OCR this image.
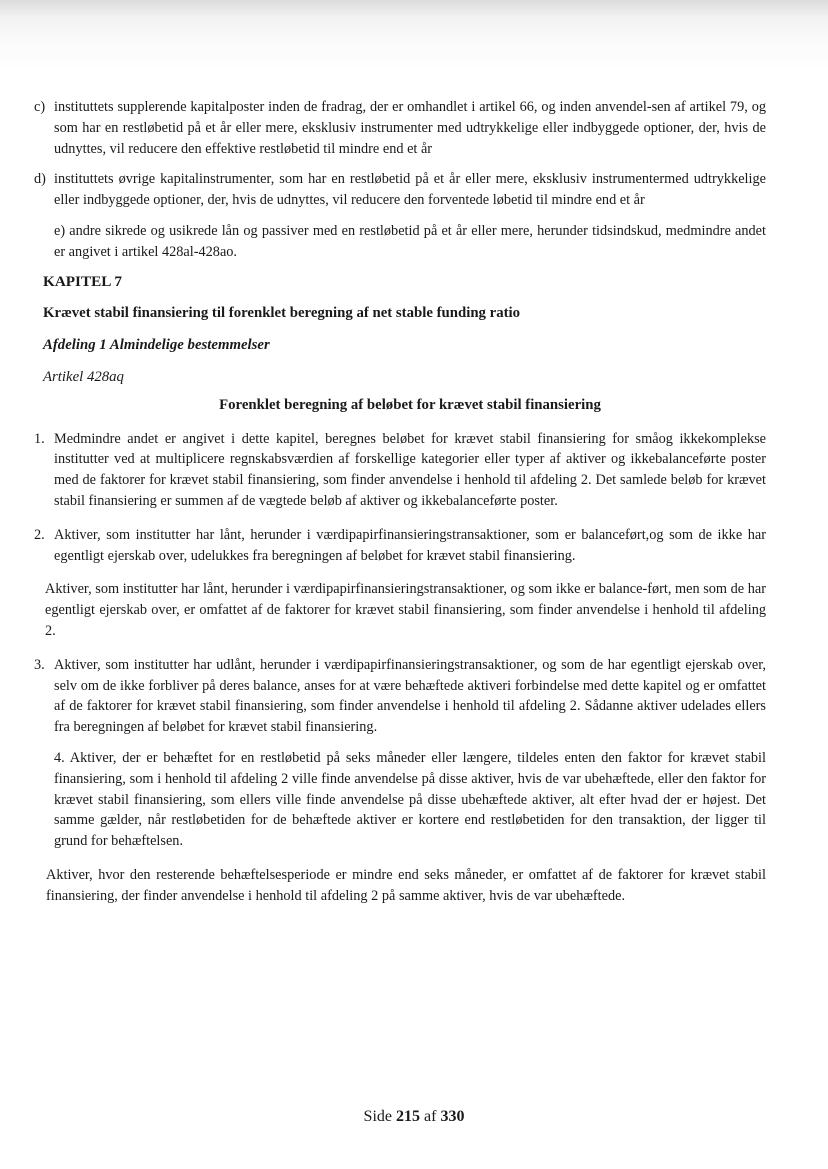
c) instituttets supplerende kapitalposter inden de fradrag, der er omhandlet i artikel 66, og inden anvendel-sen af artikel 79, og som har en restløbetid på et år eller mere, eksklusiv instrumenter med udtrykkelige eller indbyggede optioner, der, hvis de udnyttes, vil reducere den effektive restløbetid til mindre end et år
d) instituttets øvrige kapitalinstrumenter, som har en restløbetid på et år eller mere, eksklusiv instrumentermed udtrykkelige eller indbyggede optioner, der, hvis de udnyttes, vil reducere den forventede løbetid til mindre end et år
e) andre sikrede og usikrede lån og passiver med en restløbetid på et år eller mere, herunder tidsindskud, medmindre andet er angivet i artikel 428al-428ao.
KAPITEL 7
Krævet stabil finansiering til forenklet beregning af net stable funding ratio
Afdeling 1 Almindelige bestemmelser
Artikel 428aq
Forenklet beregning af beløbet for krævet stabil finansiering
1. Medmindre andet er angivet i dette kapitel, beregnes beløbet for krævet stabil finansiering for småog ikkekomplekse institutter ved at multiplicere regnskabsværdien af forskellige kategorier eller typer af aktiver og ikkebalanceførte poster med de faktorer for krævet stabil finansiering, som finder anvendelse i henhold til afdeling 2. Det samlede beløb for krævet stabil finansiering er summen af de vægtede beløb af aktiver og ikkebalanceførte poster.
2. Aktiver, som institutter har lånt, herunder i værdipapirfinansieringstransaktioner, som er balanceført,og som de ikke har egentligt ejerskab over, udelukkes fra beregningen af beløbet for krævet stabil finansiering.
Aktiver, som institutter har lånt, herunder i værdipapirfinansieringstransaktioner, og som ikke er balance-ført, men som de har egentligt ejerskab over, er omfattet af de faktorer for krævet stabil finansiering, som finder anvendelse i henhold til afdeling 2.
3. Aktiver, som institutter har udlånt, herunder i værdipapirfinansieringstransaktioner, og som de har egentligt ejerskab over, selv om de ikke forbliver på deres balance, anses for at være behæftede aktiveri forbindelse med dette kapitel og er omfattet af de faktorer for krævet stabil finansiering, som finder anvendelse i henhold til afdeling 2. Sådanne aktiver udelades ellers fra beregningen af beløbet for krævet stabil finansiering.
4. Aktiver, der er behæftet for en restløbetid på seks måneder eller længere, tildeles enten den faktor for krævet stabil finansiering, som i henhold til afdeling 2 ville finde anvendelse på disse aktiver, hvis de var ubehæftede, eller den faktor for krævet stabil finansiering, som ellers ville finde anvendelse på disse ubehæftede aktiver, alt efter hvad der er højest. Det samme gælder, når restløbetiden for de behæftede aktiver er kortere end restløbetiden for den transaktion, der ligger til grund for behæftelsen.
Aktiver, hvor den resterende behæftelsesperiode er mindre end seks måneder, er omfattet af de faktorer for krævet stabil finansiering, der finder anvendelse i henhold til afdeling 2 på samme aktiver, hvis de var ubehæftede.
Side 215 af 330
